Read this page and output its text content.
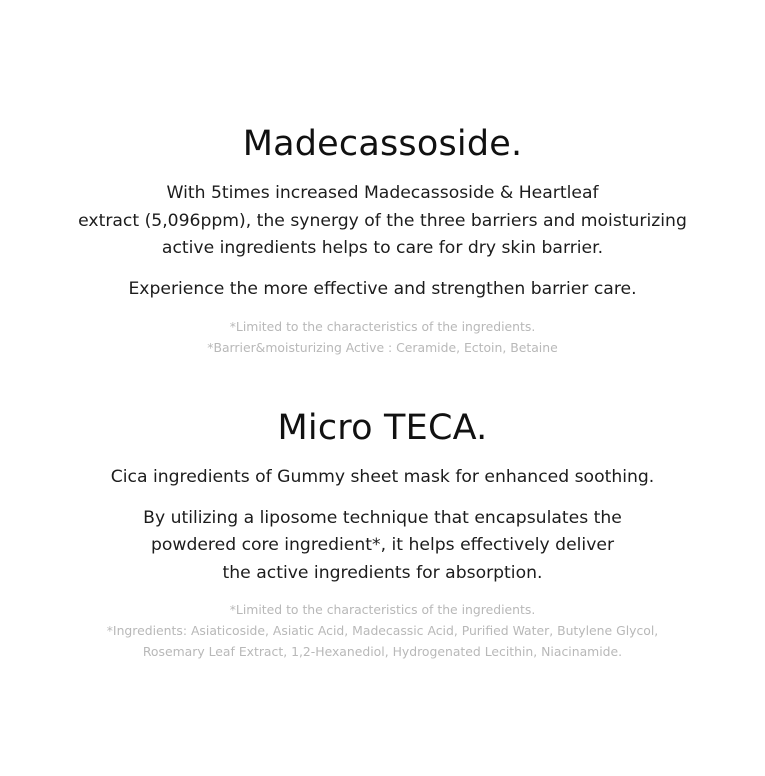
Madecassoside.

With 5times increased Madecassoside & Heartleaf
extract (5,096ppm), the synergy of the three barriers and moisturizing
active ingredients helps to care for dry skin barrier.

Experience the more effective and strengthen barrier care.

*Limited to the characteristics of the ingredients.
*Barrier&moisturizing Active : Ceramide, Ectoin, Betaine

Micro TECA.

Cica ingredients of Gummy sheet mask for enhanced soothing.

By utilizing a liposome technique that encapsulates the
powdered core ingredient*, it helps effectively deliver
the active ingredients for absorption.

*Limited to the characteristics of the ingredients.
*Ingredients: Asiaticoside, Asiatic Acid, Madecassic Acid, Purified Water, Butylene Glycol,
Rosemary Leaf Extract, 1,2-Hexanediol, Hydrogenated Lecithin, Niacinamide.
